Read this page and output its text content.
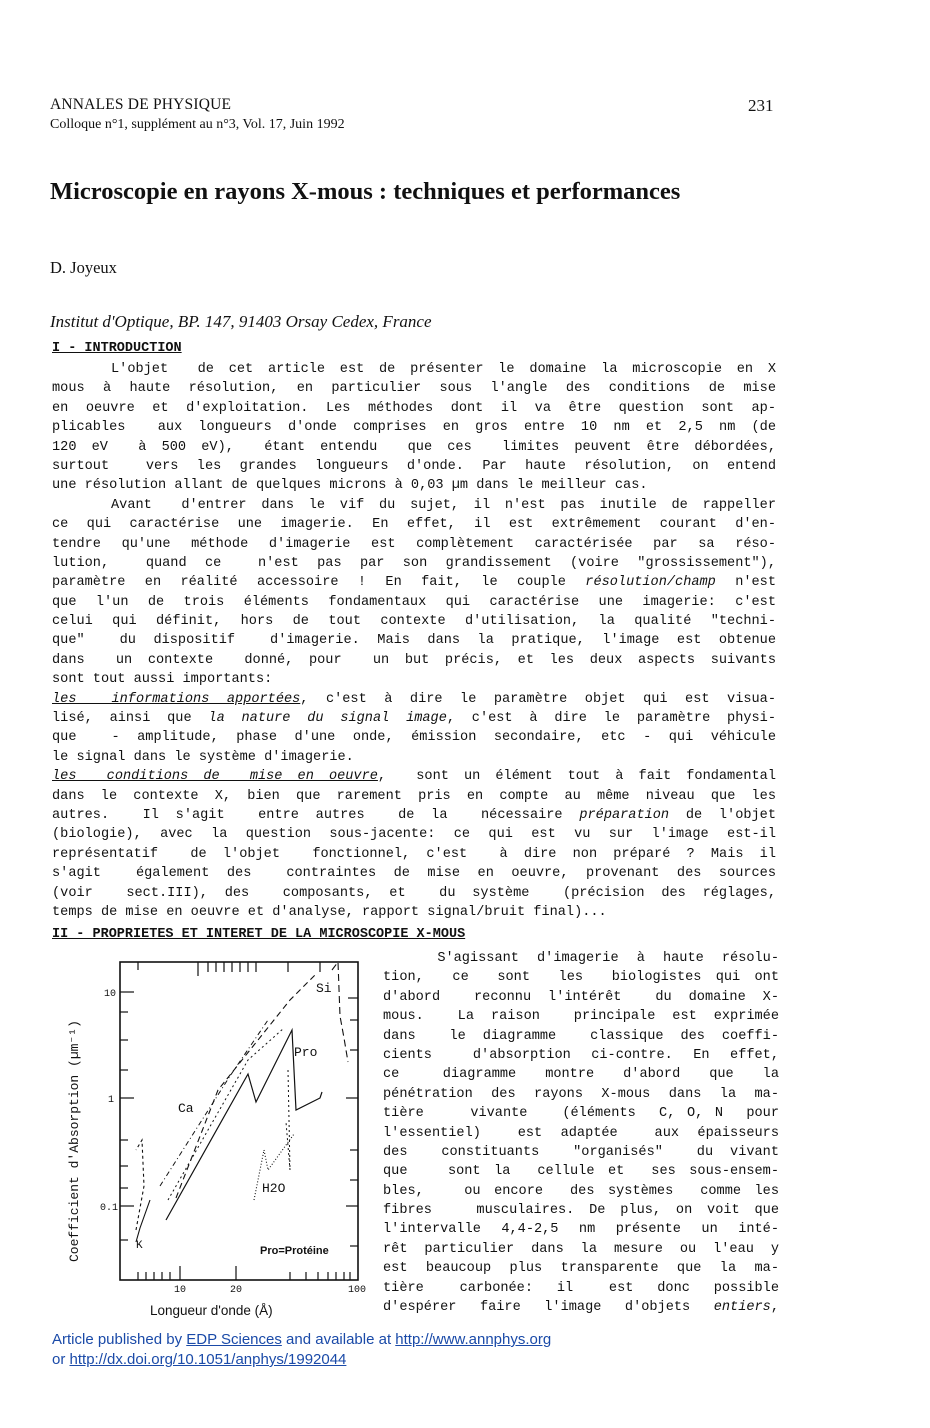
ANNALES DE PHYSIQUE	231
Colloque n°1, supplément au n°3, Vol. 17, Juin 1992
Microscopie en rayons X-mous : techniques et performances
D. Joyeux
Institut d'Optique, BP. 147, 91403 Orsay Cedex, France
I - INTRODUCTION
L'objet  de cet article est de présenter le domaine la microscopie en X
mous à haute résolution, en particulier sous l'angle des conditions de mise
en oeuvre et d'exploitation. Les méthodes dont il va être question sont ap-
plicables  aux longueurs d'onde comprises en gros entre 10 nm et 2,5 nm (de
120 eV  à 500 eV),  étant entendu  que ces  limites peuvent être débordées,
surtout  vers les grandes longueurs d'onde. Par haute résolution, on entend
une résolution allant de quelques microns à 0,03 µm dans le meilleur cas.
Avant  d'entrer dans le vif du sujet, il n'est pas inutile de rappeller
ce qui caractérise une imagerie. En effet, il est extrêmement courant d'en-
tendre qu'une méthode d'imagerie est complètement caractérisée par sa réso-
lution,  quand ce  n'est pas par son grandissement (voire "grossissement"),
paramètre en réalité accessoire ! En fait, le couple résolution/champ n'est
que l'un de trois éléments fondamentaux qui caractérise une imagerie: c'est
celui qui définit, hors de tout contexte d'utilisation, la qualité "techni-
que"  du dispositif  d'imagerie. Mais dans la pratique, l'image est obtenue
dans  un contexte  donné, pour  un but précis, et les deux aspects suivants
sont tout aussi importants:
les  informations apportées, c'est à dire le paramètre objet qui est visua-
lisé, ainsi que la nature du signal image, c'est à dire le paramètre physi-
que  - amplitude, phase d'une onde, émission secondaire, etc - qui véhicule
le signal dans le système d'imagerie.
les  conditions de  mise en oeuvre,  sont un élément tout à fait fondamental
dans le contexte X, bien que rarement pris en compte au même niveau que les
autres.  Il s'agit  entre autres  de la  nécessaire préparation de l'objet
(biologie), avec la question sous-jacente: ce qui est vu sur l'image est-il
représentatif  de l'objet  fonctionnel, c'est  à dire non préparé ? Mais il
s'agit  également des  contraintes de mise en oeuvre, provenant des sources
(voir  sect.III), des  composants, et  du système  (précision des réglages,
temps de mise en oeuvre et d'analyse, rapport signal/bruit final)...
II - PROPRIETES ET INTERET DE LA MICROSCOPIE X-MOUS
Si
Pro
Ca
H2O
K	Pro=Protéine
10
1
0.1
10	20	100
Coefficient d'Absorption (µm⁻¹)
Longueur d'onde (Å)
S'agissant d'imagerie à haute résolu-
tion,  ce  sont  les  biologistes qui ont
d'abord  reconnu l'intérêt  du domaine X-
mous.  La raison  principale est exprimée
dans  le diagramme  classique des coeffi-
cients  d'absorption ci-contre. En effet,
ce   diagramme  montre  d'abord  que  la
pénétration des rayons X-mous dans la ma-
tière    vivante   (éléments  C, O, N  pour
l'essentiel)  est adaptée  aux épaisseurs
des  constituants  "organisés"  du vivant
que   sont la  cellule et  ses sous-ensem-
bles,   ou encore  des systèmes  comme les
fibres   musculaires. De plus, on voit que
l'intervalle 4,4-2,5 nm présente un inté-
rêt particulier dans la mesure ou l'eau y
est beaucoup plus transparente que la ma-
tière   carbonée:  il   est  donc  possible
d'espérer faire l'image d'objets entiers,
Article published by EDP Sciences and available at http://www.annphys.org
or http://dx.doi.org/10.1051/anphys/1992044
